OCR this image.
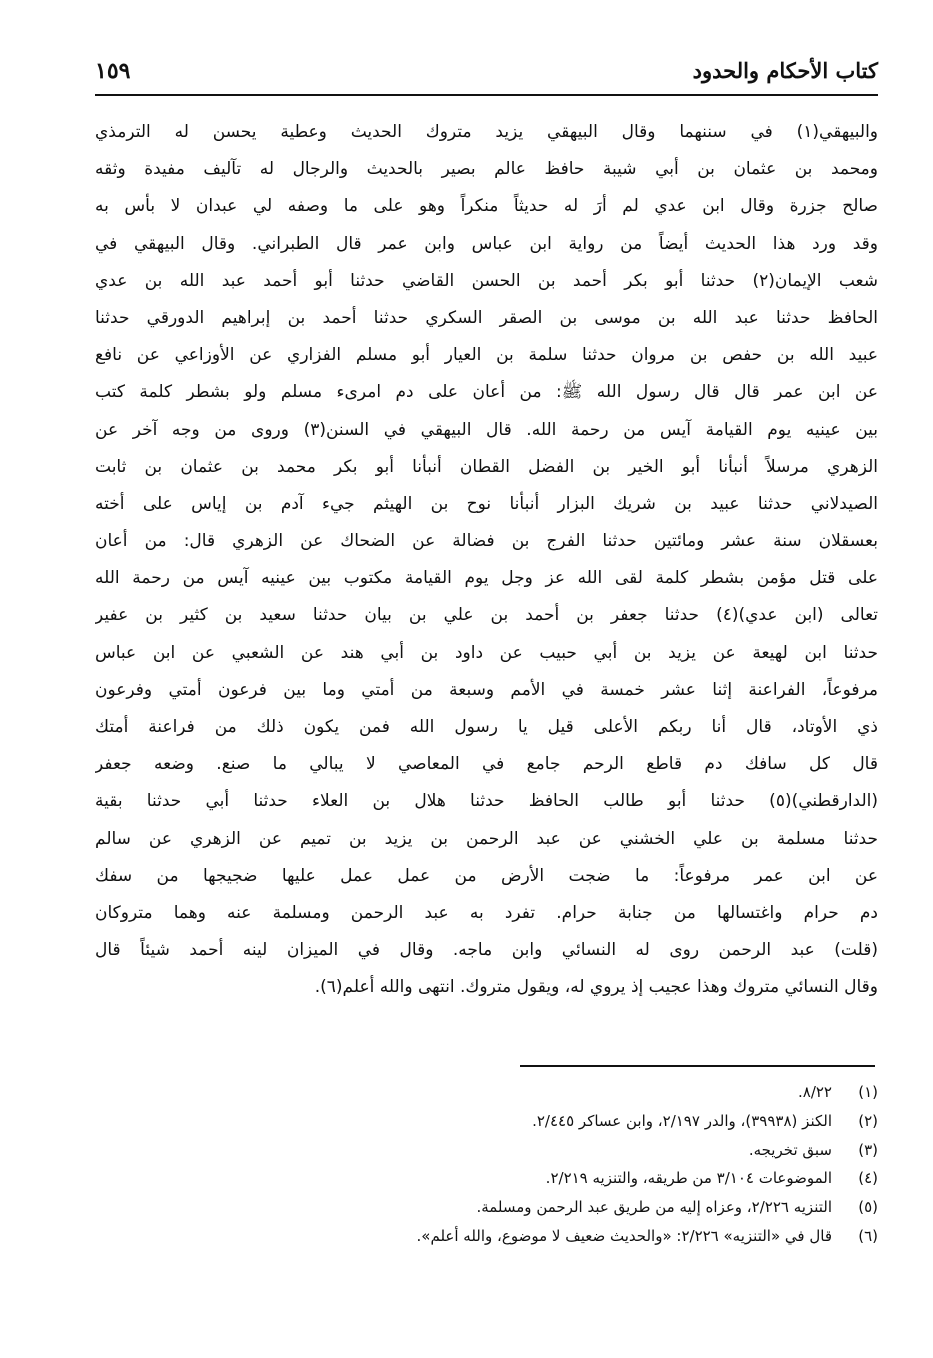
كتاب الأحكام والحدود
١٥٩
والبيهقي(١) في سننهما وقال البيهقي يزيد متروك الحديث وعطية يحسن له الترمذي
ومحمد بن عثمان بن أبي شيبة حافظ عالم بصير بالحديث والرجال له تآليف مفيدة وثقه
صالح جزرة وقال ابن عدي لم أرَ له حديثاً منكراً وهو على ما وصفه لي عبدان لا بأس به
وقد ورد هذا الحديث أيضاً من رواية ابن عباس وابن عمر قال الطبراني. وقال البيهقي في
شعب الإيمان(٢) حدثنا أبو بكر أحمد بن الحسن القاضي حدثنا أبو أحمد عبد الله بن عدي
الحافظ حدثنا عبد الله بن موسى بن الصقر السكري حدثنا أحمد بن إبراهيم الدورقي حدثنا
عبيد الله بن حفص بن مروان حدثنا سلمة بن العيار أبو مسلم الفزاري عن الأوزاعي عن نافع
عن ابن عمر قال قال رسول الله ﷺ: من أعان على دم امرىء مسلم ولو بشطر كلمة كتب
بين عينيه يوم القيامة آيس من رحمة الله. قال البيهقي في السنن(٣) وروى من وجه آخر عن
الزهري مرسلاً أنبأنا أبو الخير بن الفضل القطان أنبأنا أبو بكر محمد بن عثمان بن ثابت
الصيدلاني حدثنا عبيد بن شريك البزار أنبأنا نوح بن الهيثم جيء آدم بن إياس على أخته
بعسقلان سنة عشر ومائتين حدثنا الفرج بن فضالة عن الضحاك عن الزهري قال: من أعان
على قتل مؤمن بشطر كلمة لقى الله عز وجل يوم القيامة مكتوب بين عينيه آيس من رحمة الله
تعالى (ابن عدي)(٤) حدثنا جعفر بن أحمد بن علي بن بيان حدثنا سعيد بن كثير بن عفير
حدثنا ابن لهيعة عن يزيد بن أبي حبيب عن داود بن أبي هند عن الشعبي عن ابن عباس
مرفوعاً، الفراعنة إثنا عشر خمسة في الأمم وسبعة من أمتي وما بين فرعون أمتي وفرعون
ذي الأوتاد، قال أنا ربكم الأعلى قيل يا رسول الله فمن يكون ذلك من فراعنة أمتك
قال كل سافك دم قاطع الرحم جامع في المعاصي لا يبالي ما صنع. وضعه جعفر
(الدارقطني)(٥) حدثنا أبو طالب الحافظ حدثنا هلال بن العلاء حدثنا أبي حدثنا بقية
حدثنا مسلمة بن علي الخشني عن عبد الرحمن بن يزيد بن تميم عن الزهري عن سالم
عن ابن عمر مرفوعاً: ما ضجت الأرض من عمل عمل عليها ضجيجها من سفك
دم حرام واغتسالها من جنابة حرام. تفرد به عبد الرحمن ومسلمة عنه وهما متروكان
(قلت) عبد الرحمن روى له النسائي وابن ماجه. وقال في الميزان لينه أحمد شيئاً قال
وقال النسائي متروك وهذا عجيب إذ يروي له، ويقول متروك. انتهى والله أعلم(٦).
(١)٨/٢٢.
(٢)الكنز (٣٩٩٣٨)، والدر ٢/١٩٧، وابن عساكر ٢/٤٤٥.
(٣)سبق تخريجه.
(٤)الموضوعات ٣/١٠٤ من طريقه، والتنزيه ٢/٢١٩.
(٥)التنزيه ٢/٢٢٦، وعزاه إليه من طريق عبد الرحمن ومسلمة.
(٦)قال في «التنزيه» ٢/٢٢٦: «والحديث ضعيف لا موضوع، والله أعلم».
